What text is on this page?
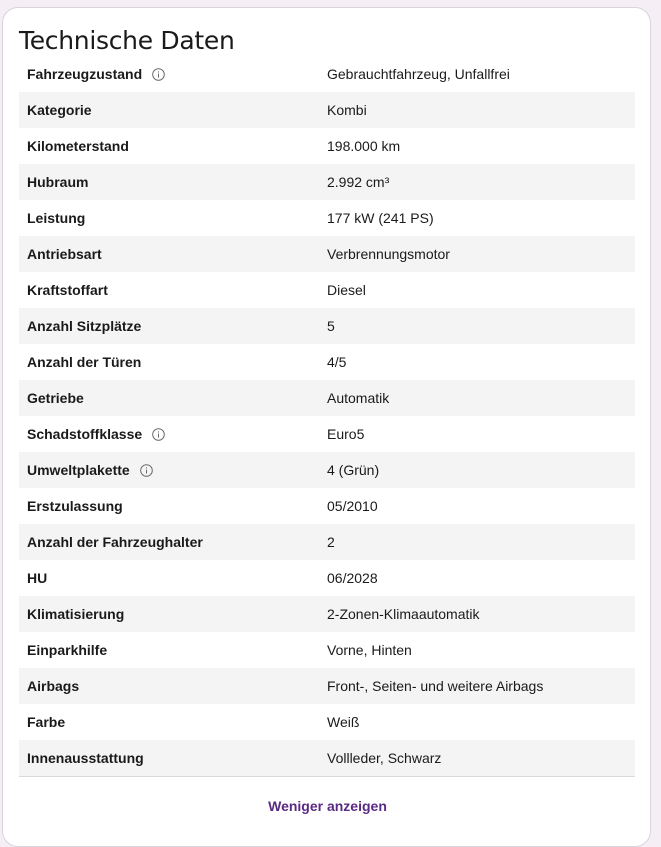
Technische Daten
Fahrzeugzustand	Gebrauchtfahrzeug, Unfallfrei
Kategorie	Kombi
Kilometerstand	198.000 km
Hubraum	2.992 cm³
Leistung	177 kW (241 PS)
Antriebsart	Verbrennungsmotor
Kraftstoffart	Diesel
Anzahl Sitzplätze	5
Anzahl der Türen	4/5
Getriebe	Automatik
Schadstoffklasse	Euro5
Umweltplakette	4 (Grün)
Erstzulassung	05/2010
Anzahl der Fahrzeughalter	2
HU	06/2028
Klimatisierung	2-Zonen-Klimaautomatik
Einparkhilfe	Vorne, Hinten
Airbags	Front-, Seiten- und weitere Airbags
Farbe	Weiß
Innenausstattung	Vollleder, Schwarz
Weniger anzeigen
